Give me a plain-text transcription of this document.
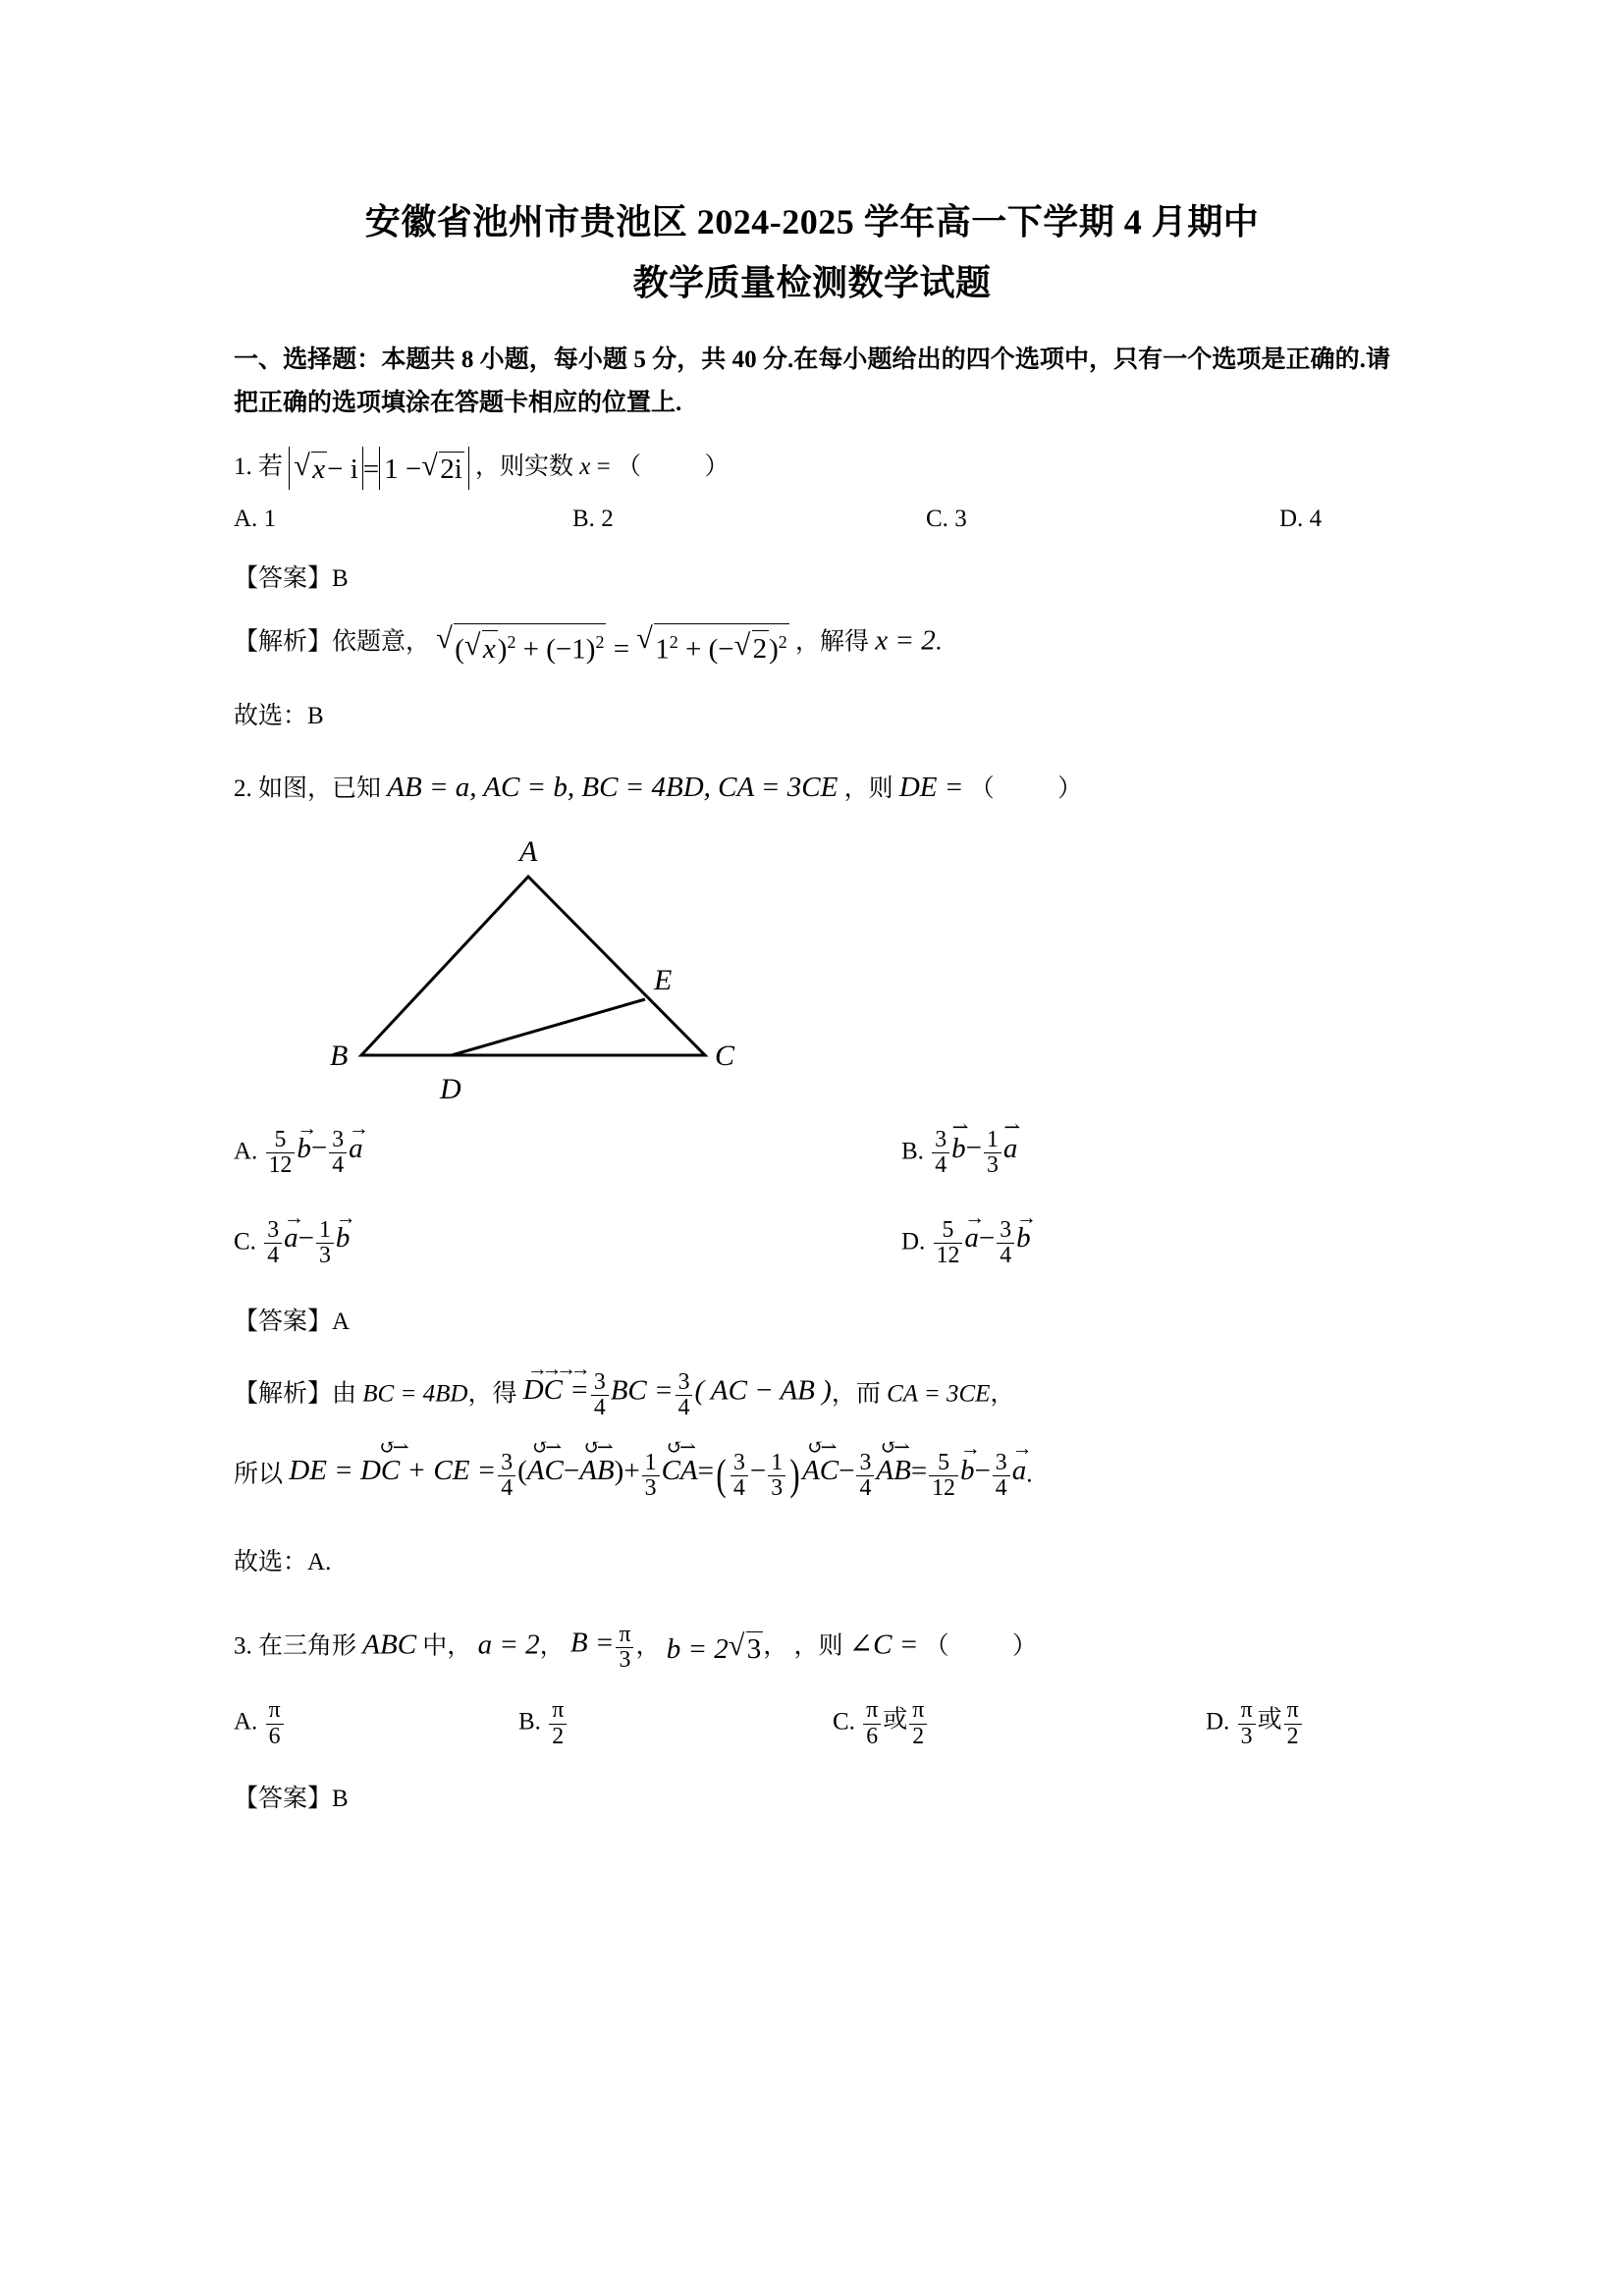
安徽省池州市贵池区 2024-2025 学年高一下学期 4 月期中
教学质量检测数学试题
一、选择题：本题共 8 小题，每小题 5 分，共 40 分.在每小题给出的四个选项中，只有一个选项是正确的.请把正确的选项填涂在答题卡相应的位置上.
1. 若 √ x− i = 1 − √ 2i ，则实数 x = （	）
A. 1	B. 2	C. 3	D. 4
【答案】B
【解析】依题意， √ ( √ $x)^2 + (-1)^2$ = √ $1^2$ + (− √ 2)$^2$ ，解得 x = 2.
故选：B
2. 如图，已知 AB = a, AC = b, BC = 4BD, CA = 3CE ，则 DE = （	）
A
B	C
D
E
A. $\frac{5}{12}$
→
$b- \frac{3}{4}$
→
a	B. $\frac{3}{4}$
⇀
$b- \frac{1}{3}$
⇀
a
C. $\frac{3}{4}$
→
$a- \frac{1}{3}$
→
b	D. $\frac{5}{12}$
→
$a- \frac{3}{4}$
→
b
【答案】A
【解析】由 BC = 4BD，得
→→→→
DC = $\frac{3}{4}$ BC = $\frac{3}{4}$ ( AC − AB )，而 CA = 3CE，
所以
↺⇀
DE = DC + CE = $\frac{3}{4}$ (
↺⇀
AC−
↺⇀
$AB)+ \frac{1}{3}$
↺⇀
$CA=( \frac{3}{4} - \frac{1}{3}$ )
↺⇀
$AC- \frac{3}{4}$
↺⇀
$AB= \frac{5}{12}$
→
$b- \frac{3}{4}$
→
a.
故选：A.
3. 在三角形 ABC 中， a = 2， $B = \frac{\pi}{3}$ ， b = 2 √ 3， ，则 ∠C = （	）
A. $\frac{\pi}{6}$	B. $\frac{\pi}{2}$	C. $\frac{\pi}{6}$ 或 $\frac{\pi}{2}$	D. $\frac{\pi}{3}$ 或 $\frac{\pi}{2}$
【答案】B
